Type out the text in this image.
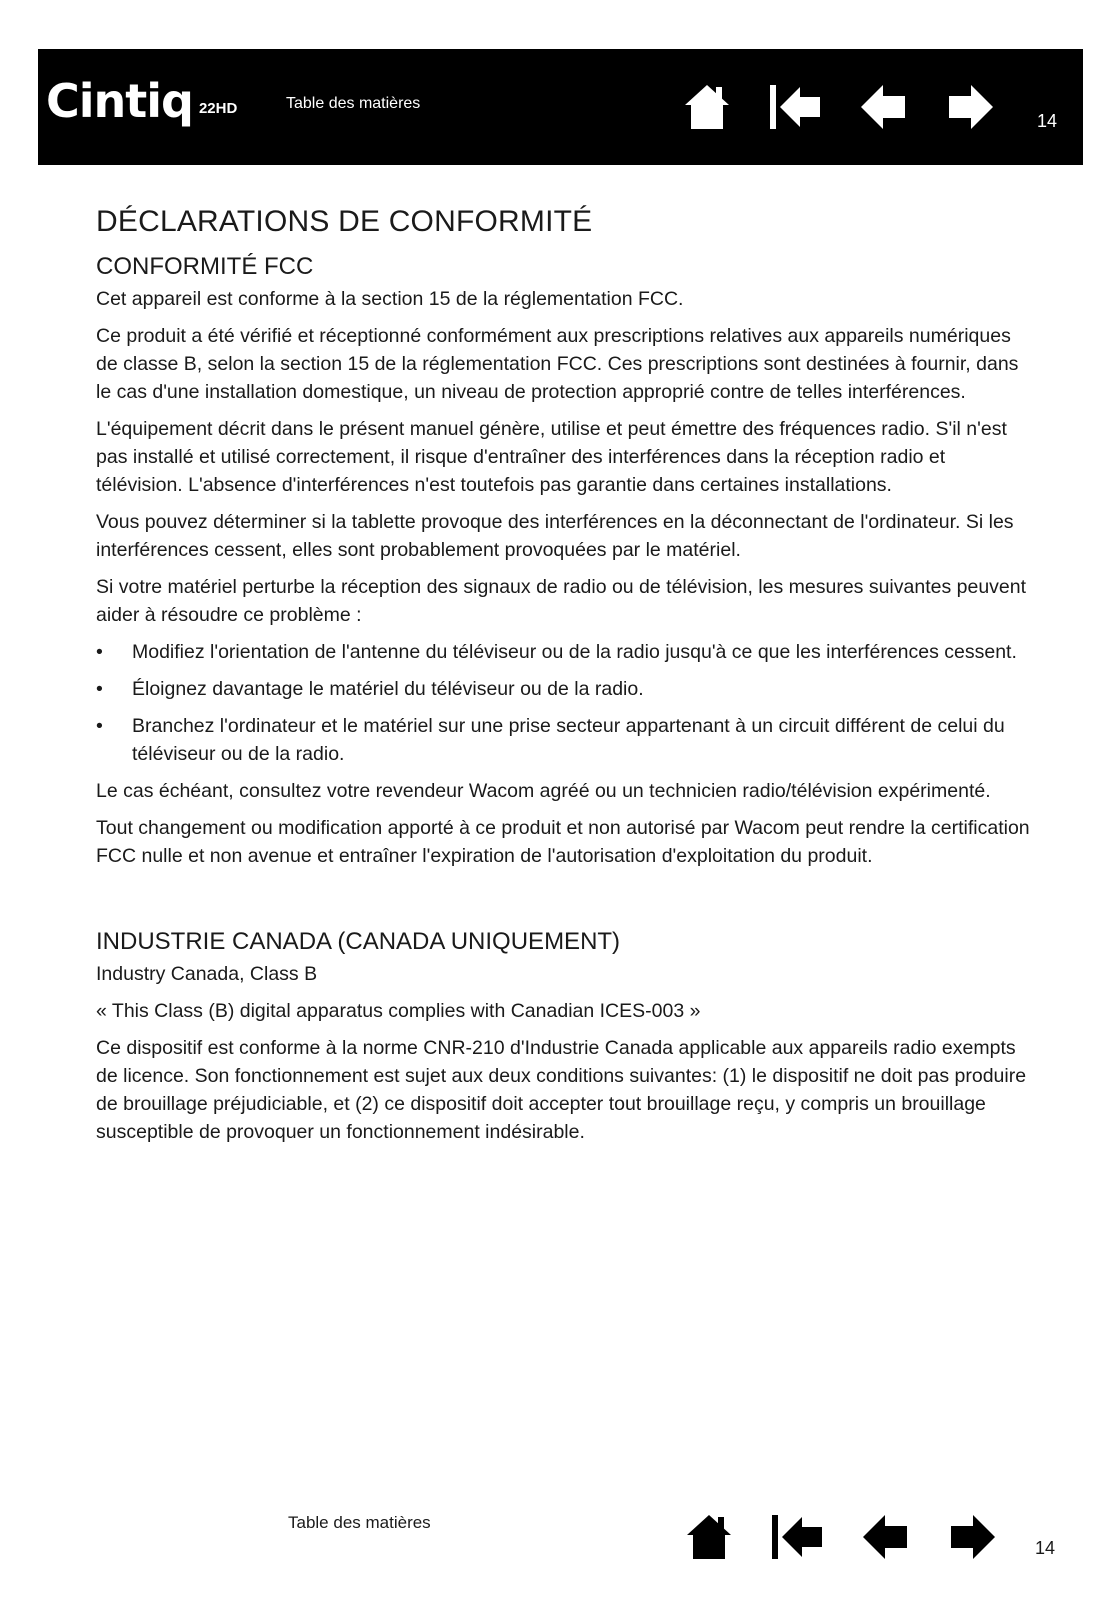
Cintiq 22HD	Table des matières
14
DÉCLARATIONS DE CONFORMITÉ
CONFORMITÉ FCC

Cet appareil est conforme à la section 15 de la réglementation FCC.

Ce produit a été vérifié et réceptionné conformément aux prescriptions relatives aux appareils numériques de classe B, selon la section 15 de la réglementation FCC. Ces prescriptions sont destinées à fournir, dans le cas d'une installation domestique, un niveau de protection approprié contre de telles interférences.

L'équipement décrit dans le présent manuel génère, utilise et peut émettre des fréquences radio. S'il n'est pas installé et utilisé correctement, il risque d'entraîner des interférences dans la réception radio et télévision. L'absence d'interférences n'est toutefois pas garantie dans certaines installations.

Vous pouvez déterminer si la tablette provoque des interférences en la déconnectant de l'ordinateur. Si les interférences cessent, elles sont probablement provoquées par le matériel.

Si votre matériel perturbe la réception des signaux de radio ou de télévision, les mesures suivantes peuvent aider à résoudre ce problème :

• Modifiez l'orientation de l'antenne du téléviseur ou de la radio jusqu'à ce que les interférences cessent.
• Éloignez davantage le matériel du téléviseur ou de la radio.
• Branchez l'ordinateur et le matériel sur une prise secteur appartenant à un circuit différent de celui du téléviseur ou de la radio.

Le cas échéant, consultez votre revendeur Wacom agréé ou un technicien radio/télévision expérimenté.

Tout changement ou modification apporté à ce produit et non autorisé par Wacom peut rendre la certification FCC nulle et non avenue et entraîner l'expiration de l'autorisation d'exploitation du produit.

INDUSTRIE CANADA (CANADA UNIQUEMENT)

Industry Canada, Class B

« This Class (B) digital apparatus complies with Canadian ICES-003 »

Ce dispositif est conforme à la norme CNR-210 d'Industrie Canada applicable aux appareils radio exempts de licence. Son fonctionnement est sujet aux deux conditions suivantes: (1) le dispositif ne doit pas produire de brouillage préjudiciable, et (2) ce dispositif doit accepter tout brouillage reçu, y compris un brouillage susceptible de provoquer un fonctionnement indésirable.

Table des matières
14
